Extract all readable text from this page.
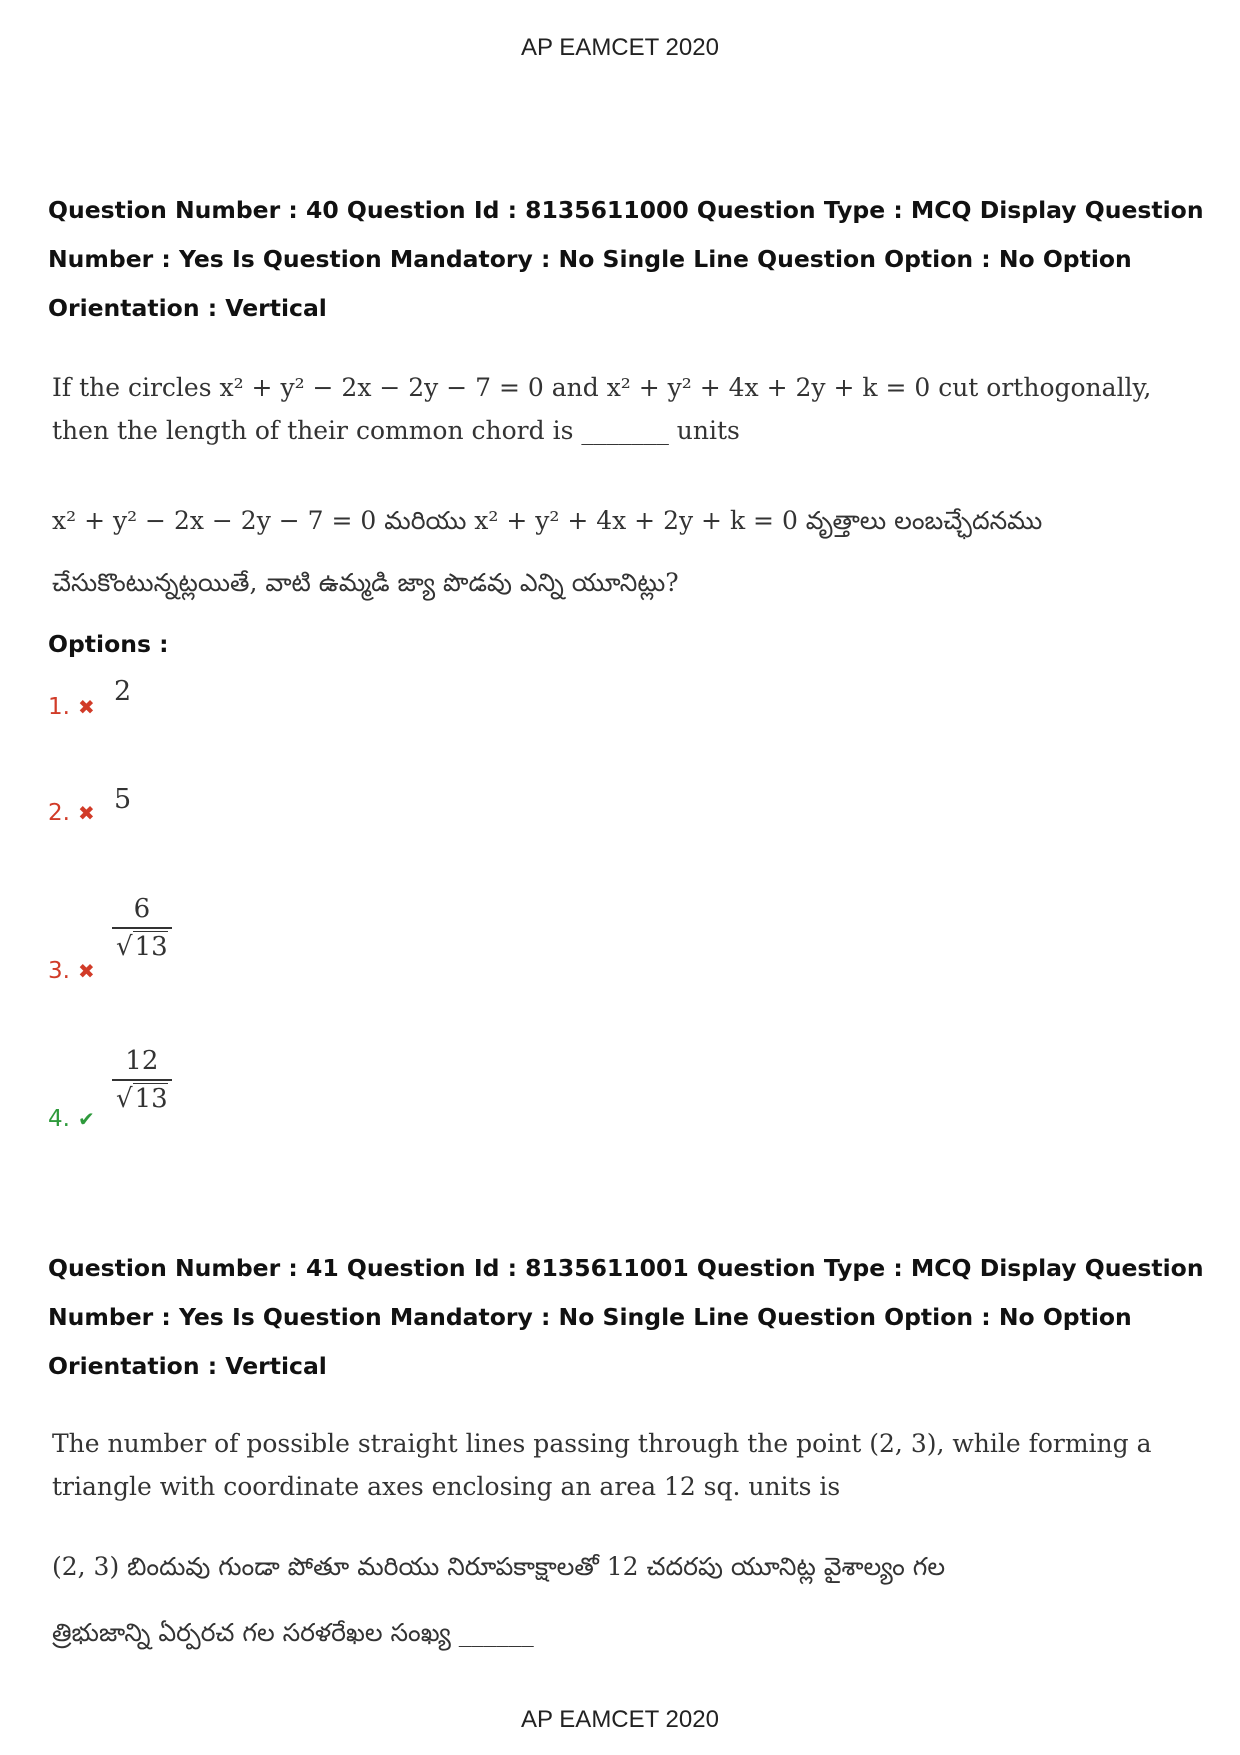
AP EAMCET 2020
Question Number : 40 Question Id : 8135611000 Question Type : MCQ Display Question
Number : Yes Is Question Mandatory : No Single Line Question Option : No Option
Orientation : Vertical
If the circles x² + y² − 2x − 2y − 7 = 0 and x² + y² + 4x + 2y + k = 0 cut orthogonally,
then the length of their common chord is _______ units
x² + y² − 2x − 2y − 7 = 0 మరియు x² + y² + 4x + 2y + k = 0 వృత్తాలు లంబచ్ఛేదనము
చేసుకొంటున్నట్లయితే, వాటి ఉమ్మడి జ్యా పొడవు ఎన్ని యూనిట్లు?
Options :
1. ✖ 2
2. ✖ 5
3. ✖
6
√13
4. ✔
12
√13
Question Number : 41 Question Id : 8135611001 Question Type : MCQ Display Question
Number : Yes Is Question Mandatory : No Single Line Question Option : No Option
Orientation : Vertical
The number of possible straight lines passing through the point (2, 3), while forming a
triangle with coordinate axes enclosing an area 12 sq. units is
(2, 3) బిందువు గుండా పోతూ మరియు నిరూపకాక్షాలతో 12 చదరపు యూనిట్ల వైశాల్యం గల
త్రిభుజాన్ని ఏర్పరచ గల సరళరేఖల సంఖ్య ______
AP EAMCET 2020
